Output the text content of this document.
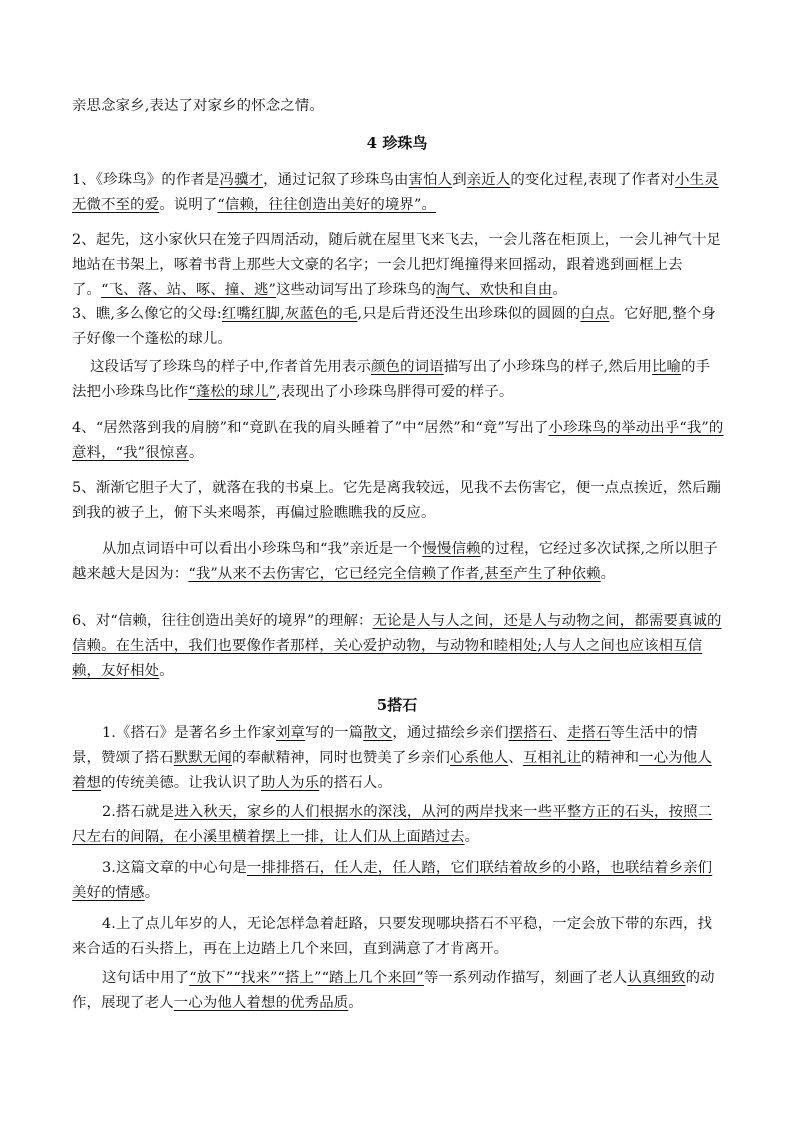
亲思念家乡,表达了对家乡的怀念之情。
4 珍珠鸟
1、《珍珠鸟》的作者是冯骥才，通过记叙了珍珠鸟由害怕人到亲近人的变化过程,表现了作者对小生灵无微不至的爱。说明了“信赖，往往创造出美好的境界”。
2、起先，这小家伙只在笼子四周活动，随后就在屋里飞来飞去，一会儿落在柜顶上，一会儿神气十足地站在书架上，啄着书背上那些大文豪的名字；一会儿把灯绳撞得来回摇动，跟着逃到画框上去了。“飞、落、站、啄、撞、逃”这些动词写出了珍珠鸟的淘气、欢快和自由。
3、瞧,多么像它的父母:红嘴红脚,灰蓝色的毛,只是后背还没生出珍珠似的圆圆的白点。它好肥,整个身子好像一个蓬松的球儿。
这段话写了珍珠鸟的样子中,作者首先用表示颜色的词语描写出了小珍珠鸟的样子,然后用比喻的手法把小珍珠鸟比作“蓬松的球儿”,表现出了小珍珠鸟胖得可爱的样子。
4、“居然落到我的肩膀”和“竟趴在我的肩头睡着了”中“居然”和“竟”写出了小珍珠鸟的举动出乎“我”的意料，“我”很惊喜。
5、渐渐它胆子大了，就落在我的书桌上。它先是离我较远，见我不去伤害它，便一点点挨近，然后蹦到我的被子上，俯下头来喝茶，再偏过脸瞧瞧我的反应。
从加点词语中可以看出小珍珠鸟和“我”亲近是一个慢慢信赖的过程，它经过多次试探,之所以胆子越来越大是因为：“我”从来不去伤害它，它已经完全信赖了作者,甚至产生了种依赖。
6、对“信赖，往往创造出美好的境界”的理解：无论是人与人之间，还是人与动物之间，都需要真诚的信赖。在生活中，我们也要像作者那样，关心爱护动物，与动物和睦相处;人与人之间也应该相互信赖，友好相处。
5搭石
1.《搭石》是著名乡土作家刘章写的一篇散文，通过描绘乡亲们摆搭石、走搭石等生活中的情景，赞颂了搭石默默无闻的奉献精神，同时也赞美了乡亲们心系他人、互相礼让的精神和一心为他人着想的传统美德。让我认识了助人为乐的搭石人。
2.搭石就是进入秋天，家乡的人们根据水的深浅，从河的两岸找来一些平整方正的石头，按照二尺左右的间隔，在小溪里横着摆上一排，让人们从上面踏过去。
3.这篇文章的中心句是一排排搭石，任人走，任人踏，它们联结着故乡的小路，也联结着乡亲们美好的情感。
4.上了点儿年岁的人，无论怎样急着赶路，只要发现哪块搭石不平稳，一定会放下带的东西，找来合适的石头搭上，再在上边踏上几个来回，直到满意了才肯离开。
这句话中用了“放下”“找来”“搭上”“踏上几个来回”等一系列动作描写，刻画了老人认真细致的动作，展现了老人一心为他人着想的优秀品质。
